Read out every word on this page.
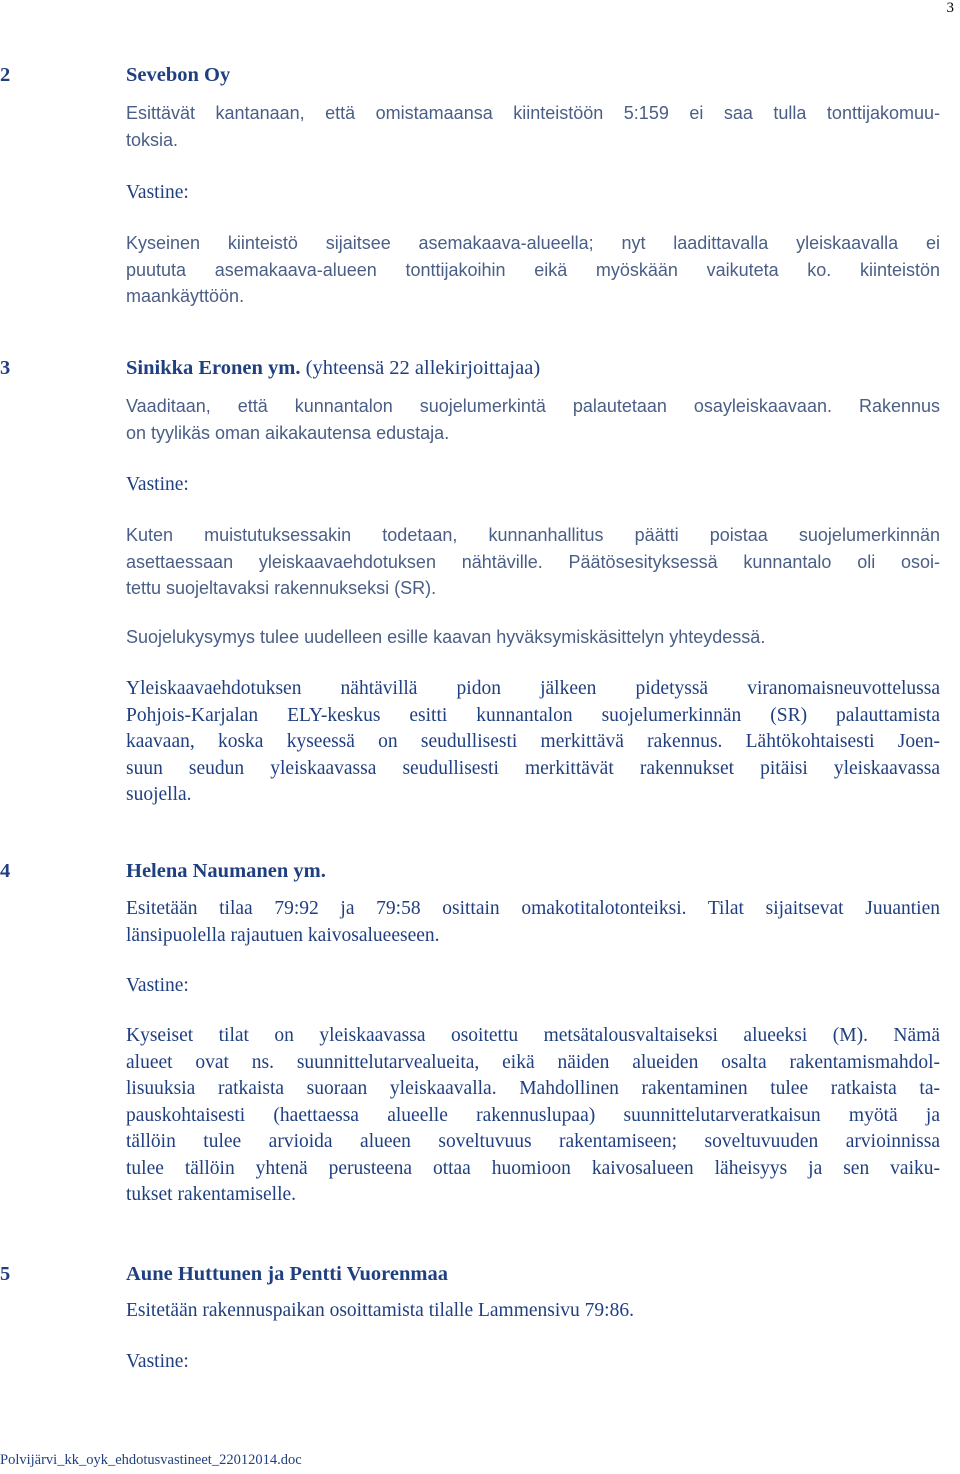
3
2	Sevebon Oy

Esittävät kantanaan, että omistamaansa kiinteistöön 5:159 ei saa tulla tonttijakomuu-
toksia.

Vastine:

Kyseinen kiinteistö sijaitsee asemakaava-alueella; nyt laadittavalla yleiskaavalla ei
puututa asemakaava-alueen tonttijakoihin eikä myöskään vaikuteta ko. kiinteistön
maankäyttöön.

3	Sinikka Eronen ym. (yhteensä 22 allekirjoittajaa)

Vaaditaan, että kunnantalon suojelumerkintä palautetaan osayleiskaavaan. Rakennus
on tyylikäs oman aikakautensa edustaja.

Vastine:

Kuten muistutuksessakin todetaan, kunnanhallitus päätti poistaa suojelumerkinnän
asettaessaan yleiskaavaehdotuksen nähtäville. Päätösesityksessä kunnantalo oli osoi-
tettu suojeltavaksi rakennukseksi (SR).

Suojelukysymys tulee uudelleen esille kaavan hyväksymiskäsittelyn yhteydessä.

Yleiskaavaehdotuksen nähtävillä pidon jälkeen pidetyssä viranomaisneuvottelussa
Pohjois-Karjalan ELY-keskus esitti kunnantalon suojelumerkinnän (SR) palauttamista
kaavaan, koska kyseessä on seudullisesti merkittävä rakennus. Lähtökohtaisesti Joen-
suun seudun yleiskaavassa seudullisesti merkittävät rakennukset pitäisi yleiskaavassa
suojella.

4	Helena Naumanen ym.

Esitetään tilaa 79:92 ja 79:58 osittain omakotitalotonteiksi. Tilat sijaitsevat Juuantien
länsipuolella rajautuen kaivosalueeseen.

Vastine:

Kyseiset tilat on yleiskaavassa osoitettu metsätalousvaltaiseksi alueeksi (M). Nämä
alueet ovat ns. suunnittelutarvealueita, eikä näiden alueiden osalta rakentamismahdol-
lisuuksia ratkaista suoraan yleiskaavalla. Mahdollinen rakentaminen tulee ratkaista ta-
pauskohtaisesti (haettaessa alueelle rakennuslupaa) suunnittelutarveratkaisun myötä ja
tällöin tulee arvioida alueen soveltuvuus rakentamiseen; soveltuvuuden arvioinnissa
tulee tällöin yhtenä perusteena ottaa huomioon kaivosalueen läheisyys ja sen vaiku-
tukset rakentamiselle.

5	Aune Huttunen ja Pentti Vuorenmaa

Esitetään rakennuspaikan osoittamista tilalle Lammensivu 79:86.

Vastine:
Polvijärvi_kk_oyk_ehdotusvastineet_22012014.doc
